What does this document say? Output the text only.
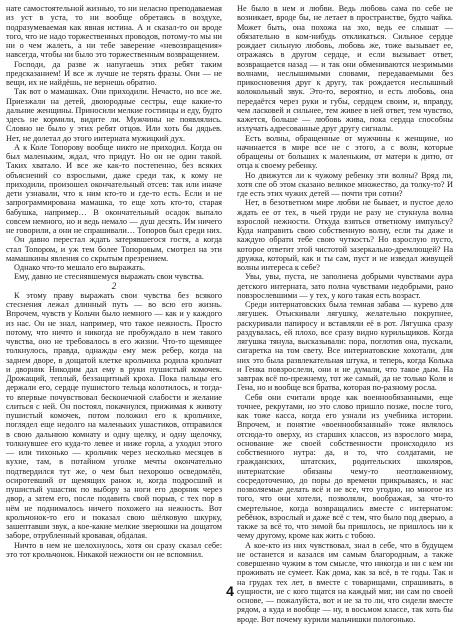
нате самостоятельной жизнью, то ни неласно преподаваемая из уст в уста, то ни вообще обретаясь в воздухе, подразумеваемая как явная истина. А и сказал-то он вроде того, что не надо торжественных проводов, потому-то мы ни ни о чем жалеть, а ни тебе заверение «невозвращения» навсегда, чтобы ни было это торжественным возвращением.

Господи, да разве ж напугаешь этих ребят таким предсказанием! И все ж лучше не терять фразы. Они — не вещи, их не найдёшь, не вернешь обратно.

Так вот о мамашках. Они приходили. Нечасто, но все же. Приезжали на детей, двоюродные сестры, еще какие-то дальние женщины. Приносили мелкие гостинцы и еду, будто здесь не кормили, видите ли. Мужчины не появлялись. Словно не было у этих ребят отцов. Или хоть бы дядьев. Нет, не долетал до этого интерната мужицкий дух.

А к Коле Топорову вообще никто не приходил. Когда он был маленьким, ждал, что придут. Но он не один такой. Таких хватало. И все же как-то постепенно, без всяких объяснений со взрослыми, даже среди так, к кому не приходили, произошел окончательный отсев: так или иначе дети узнавали, что к ним кто-то и где-то есть. Если и не запрограммирована мамашка, то еще хоть кто-то, старая бабушка, например… В окончательный осадок выпало совсем немного, но и ведь немало — душ десять. Им ничего не говорили, а они не спрашивали… Топоров был среди них.

Он давно перестал ждать затерявшегося гостя, а когда стал Топором, и уж тем более Топоровым, смотрел на эти мамашкины явления со скрытым презрением.

Однако что-то мешало его выражать.

Ему, давно не стеснявшемуся выражать свои чувства.

2

К этому праву выражать свои чувства без всякого стеснения лежал длинный путь — во всю его жизнь. Впрочем, чувств у Кольчи было немного — как и у каждого из нас. Он не знал, например, что такое нежность. Просто потому, что ничто и никогда не пробуждало в нем такого чувства, оно не требовалось в его жизни. Что-то щемящее толкнулось, правда, однажды ему меж ребер, когда на заднем дворе, в дощатой клетке крольчиха родила крольчат и дворник Никодим дал ему в руки пушистый комочек. Дрожащий, теплый, беззащитный кроха. Пока пальцы его держали его, сердце пушистого тельца колотилось, и тогда-то впервые почувствовал бесконечной слабости и желание слиться с ней. Он постоял, покачнулся, прижимая к животу пушистый комочек, потом положил его к крольчихе, поглядел еще недолго на маленьких ушастиков, отправился в свою дальнюю комнату и одну щелку, и одну щелочку, толкнувшее его куда-то левее и ниже горла, а уходил этого — или тихонько — крольчик через несколько месяцев в кухне, там, в потайном уголке мечты окончательно подтвердился тут же, о чем был нехорошо осведомлён, осиротевший от щемящих ранок и, когда подросший и пушистый ушастик по выбору за ноги его дворник через двор, а затем его, после подавить свой порыв, с тех пор в нём не поднималось ничего похожего на нежность. Вот крольчонок-то его и показал свою шёлковую шкурку, зашептавши звук, а кое-какие мелкие зверюшки на дощатом заборе, отрубленный кровавая, обдалая.

Ничто в нем не шелохнулось, хотя он сразу сказал себе: это тот крольчонок. Никакой нежности он не вспомнил.

Не было в нем и любви. Ведь любовь сама по себе не возникает, вроде бы, не летает в пространстве, будто чайка. Может быть, она похожа на эхо, ведь ее слышат — обязательно в ком-нибудь откликаться. Сильное сердце рождает сильную любовь, любовь же, тоже вызывает ее, отражаясь в другом сердце, и если вызывает ответ, возвращается назад — и так они обмениваются незримыми волнами, неслышимыми словами, передаваемыми без прикосновения друг к другу, так рождается неслышный колокольный звук. Это-то, вероятно, и есть любовь, она передаётся через руки и губы, сердцем своим, и, вправду, чем ласковей и сильнее, тем живее в ней ответ, тем чувство, кажется, больше — любовь жива, пока сердца способны излучать адресованные друг другу сигналы.

Есть волны, обращенные от мужчины к женщине, но начинается в мире все не с этого, а с волн, которые обращены от больших к маленьким, от матери к дитю, от отца к своему ребенку.

Но движутся ли к чужому ребенку эти волны? Вряд ли, хотя спе об этом сказано великое множество, да толку-то? И где есть этих чужих детей — почти три сотни?

Нет, в безответном мире любви не бывает, и пустое дело ждать ее от тех, в чьей груди не разу не стукнула волна взрослой нежности. Откуда взяться ответному импульсу? Куда направить свою собственную волну, если ты даже и каждую обрати тебе свою чуткость? Но взрослую пусто, которое ответит этой чистотой зазеркально-дремлющей? На дружка, который, как и ты сам, пуст и не изведал живущей волны интереса к себе?

Увы, увы, пуста, не заполнена добрыми чувствами аура детского интерната, зато полна чувствами недобрыми, рано повзрослевшими — у тех, у кого такая есть возраст.

Среди интернатовских была темная забава — курево для лягушек. Отыскивали лягушку, желательно покрупнее, раскуривали папиросу и вставляли её в рот. Лягушка сразу раздувалась, ей плохо, все сразу видно курильщиков. Когда лягушка тянула, высказывали: пора, поглотив она, пускали, сигаретка на том свету. Все интернатовские хохотали, для них это была развлекательная штука, и теперь, когда Колька и Генка повзрослели, они и не думали, что такое дым. На завтрак всё по-прежнему, тот же самый, да не только Коля и Гена, но и вообще вся братва, которая по-разному росла.

Себя они считали вроде как военнообязанными, еще точнее, рекрутами, но это слово пришло позже, после того, как тоже касса, когда его узнали из учебника истории. Впрочем, и понятие «военнообязанный» тоже являлось отсюда-то оверху, из старших классов, из взрослого мира, основание же своей собственности происходило из собственного нутра: да, и то, что солдатами, не гражданских, штатских, родительских школяров, интернатские обязаны чему-то неотложенному, сосредоточенно, до поры до времени прикрываясь, и нас позволяемые делать всё и не все, что угодно, но многое из того, что они хотели, позволяли, воображая, за что-то смертельное, когда возвращались вместе с интернатом: ребёнок, взрослый и даже всё с тем, что было под дверью, а также за всё то, что зимой бы пришлось, не пришлось ни к чему другому, кроме как жить с тобою.

А кое-кто из них чувствовал, знал в себе, что в будущем не останется и казался им самым благородным, а также совершенно чужим в том смысле, что никогда и ни с кем ни проживать не сумеет. Как дома, как за всё, в те годы. Так и на грудах тех лет, в вместе с товарищами, спрашивать, в сущности, не с кого тщатся на каждый миг, ни сам по своей основе, — пожалуйста, вот и не за то ли, что сидели вместе рядом, а куда и вообще — ну, в восьмом классе, так хоть бы вроде. Вот почему курили мальчишки пологонько.

4
